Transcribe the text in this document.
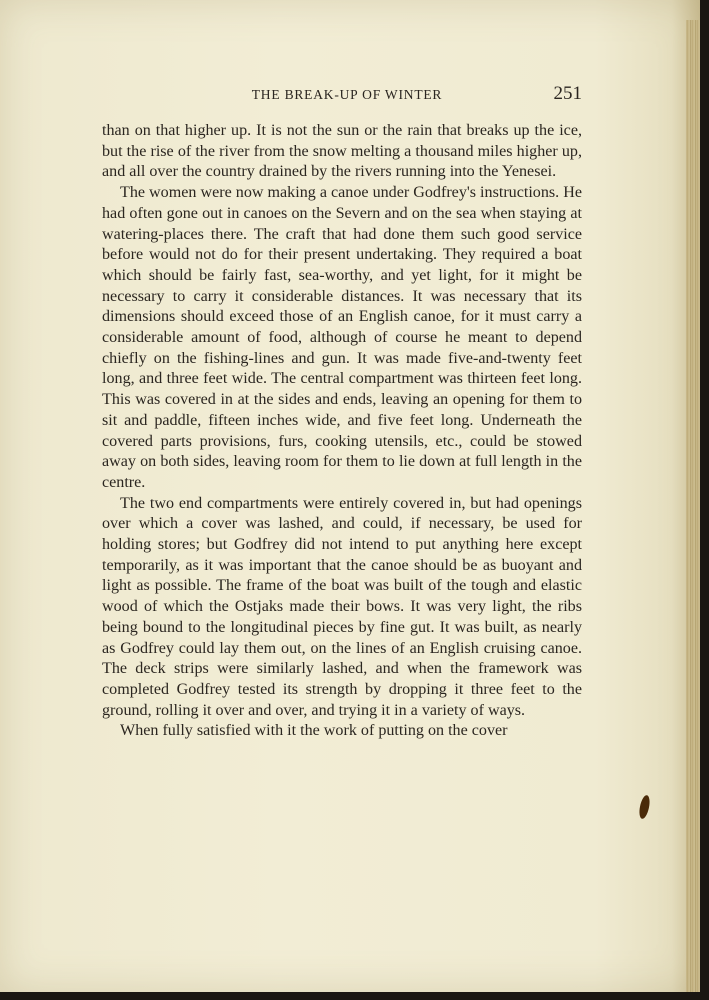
THE BREAK-UP OF WINTER	251

than on that higher up. It is not the sun or the rain that breaks up the ice, but the rise of the river from the snow melting a thousand miles higher up, and all over the country drained by the rivers running into the Yenesei.

The women were now making a canoe under Godfrey's instructions. He had often gone out in canoes on the Severn and on the sea when staying at watering-places there. The craft that had done them such good service before would not do for their present undertaking. They required a boat which should be fairly fast, sea-worthy, and yet light, for it might be necessary to carry it considerable distances. It was necessary that its dimensions should exceed those of an English canoe, for it must carry a considerable amount of food, although of course he meant to depend chiefly on the fishing-lines and gun. It was made five-and-twenty feet long, and three feet wide. The central compartment was thirteen feet long. This was covered in at the sides and ends, leaving an opening for them to sit and paddle, fifteen inches wide, and five feet long. Underneath the covered parts provisions, furs, cooking utensils, etc., could be stowed away on both sides, leaving room for them to lie down at full length in the centre.

The two end compartments were entirely covered in, but had openings over which a cover was lashed, and could, if necessary, be used for holding stores; but Godfrey did not intend to put anything here except temporarily, as it was important that the canoe should be as buoyant and light as possible. The frame of the boat was built of the tough and elastic wood of which the Ostjaks made their bows. It was very light, the ribs being bound to the longitudinal pieces by fine gut. It was built, as nearly as Godfrey could lay them out, on the lines of an English cruising canoe. The deck strips were similarly lashed, and when the framework was completed Godfrey tested its strength by dropping it three feet to the ground, rolling it over and over, and trying it in a variety of ways.

When fully satisfied with it the work of putting on the cover
